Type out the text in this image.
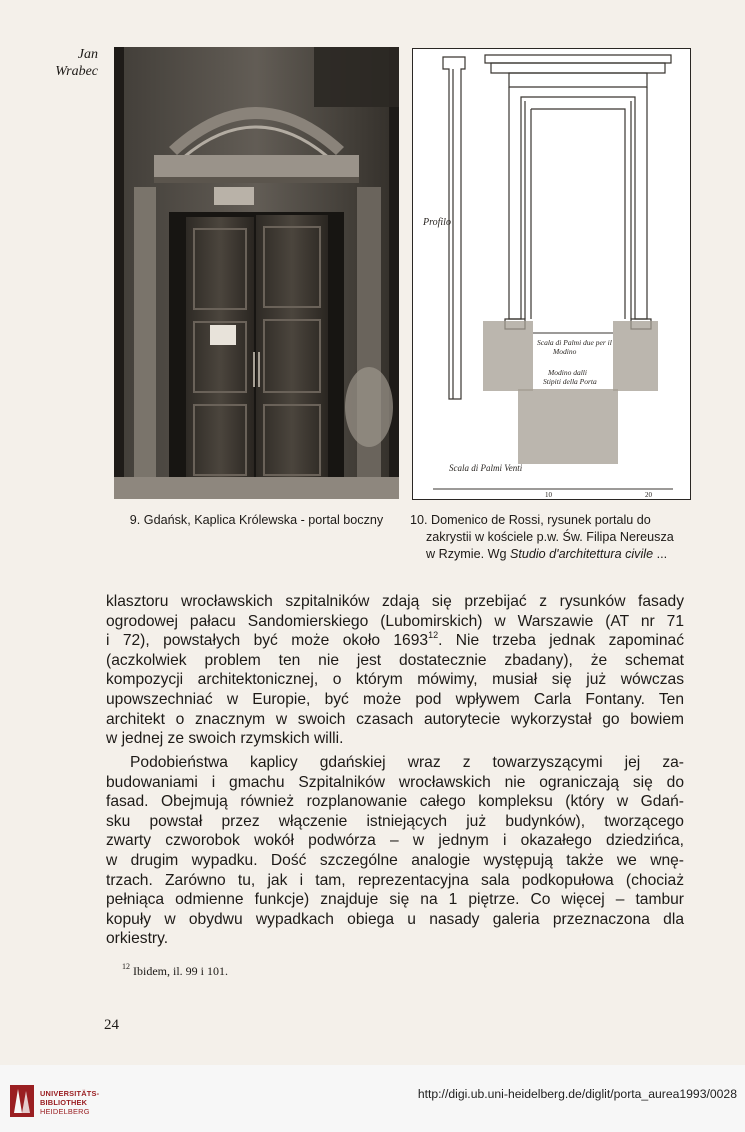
Jan
Wrabec
Profilo
Scala di Palmi due per il
Modino
Modino dalli
Stipiti della Porta
Scala di Palmi Venti
10	20
9. Gdańsk, Kaplica Królewska - portal boczny	10. Domenico de Rossi, rysunek portalu do
zakrystii w kościele p.w. Św. Filipa Nereusza
w Rzymie. Wg Studio d'architettura civile ...
klasztoru wrocławskich szpitalników zdają się przebijać z rysunków fasady
ogrodowej pałacu Sandomierskiego (Lubomirskich) w Warszawie (AT nr 71
i 72), powstałych być może około 1693$^{12}$. Nie trzeba jednak zapominać
(aczkolwiek problem ten nie jest dostatecznie zbadany), że schemat
kompozycji architektonicznej, o którym mówimy, musiał się już wówczas
upowszechniać w Europie, być może pod wpływem Carla Fontany. Ten
architekt o znacznym w swoich czasach autorytecie wykorzystał go bowiem
w jednej ze swoich rzymskich willi.
Podobieństwa kaplicy gdańskiej wraz z towarzyszącymi jej za-
budowaniami i gmachu Szpitalników wrocławskich nie ograniczają się do
fasad. Obejmują również rozplanowanie całego kompleksu (który w Gdań-
sku powstał przez włączenie istniejących już budynków), tworzącego
zwarty czworobok wokół podwórza – w jednym i okazałego dziedzińca,
w drugim wypadku. Dość szczególne analogie występują także we wnę-
trzach. Zarówno tu, jak i tam, reprezentacyjna sala podkopułowa (chociaż
pełniąca odmienne funkcje) znajduje się na 1 piętrze. Co więcej – tambur
kopuły w obydwu wypadkach obiega u nasady galeria przeznaczona dla
orkiestry.
$^{12}$ Ibidem, il. 99 i 101.
24
UNIVERSITÄTS-
BIBLIOTHEK
HEIDELBERG
http://digi.ub.uni-heidelberg.de/diglit/porta_aurea1993/0028
